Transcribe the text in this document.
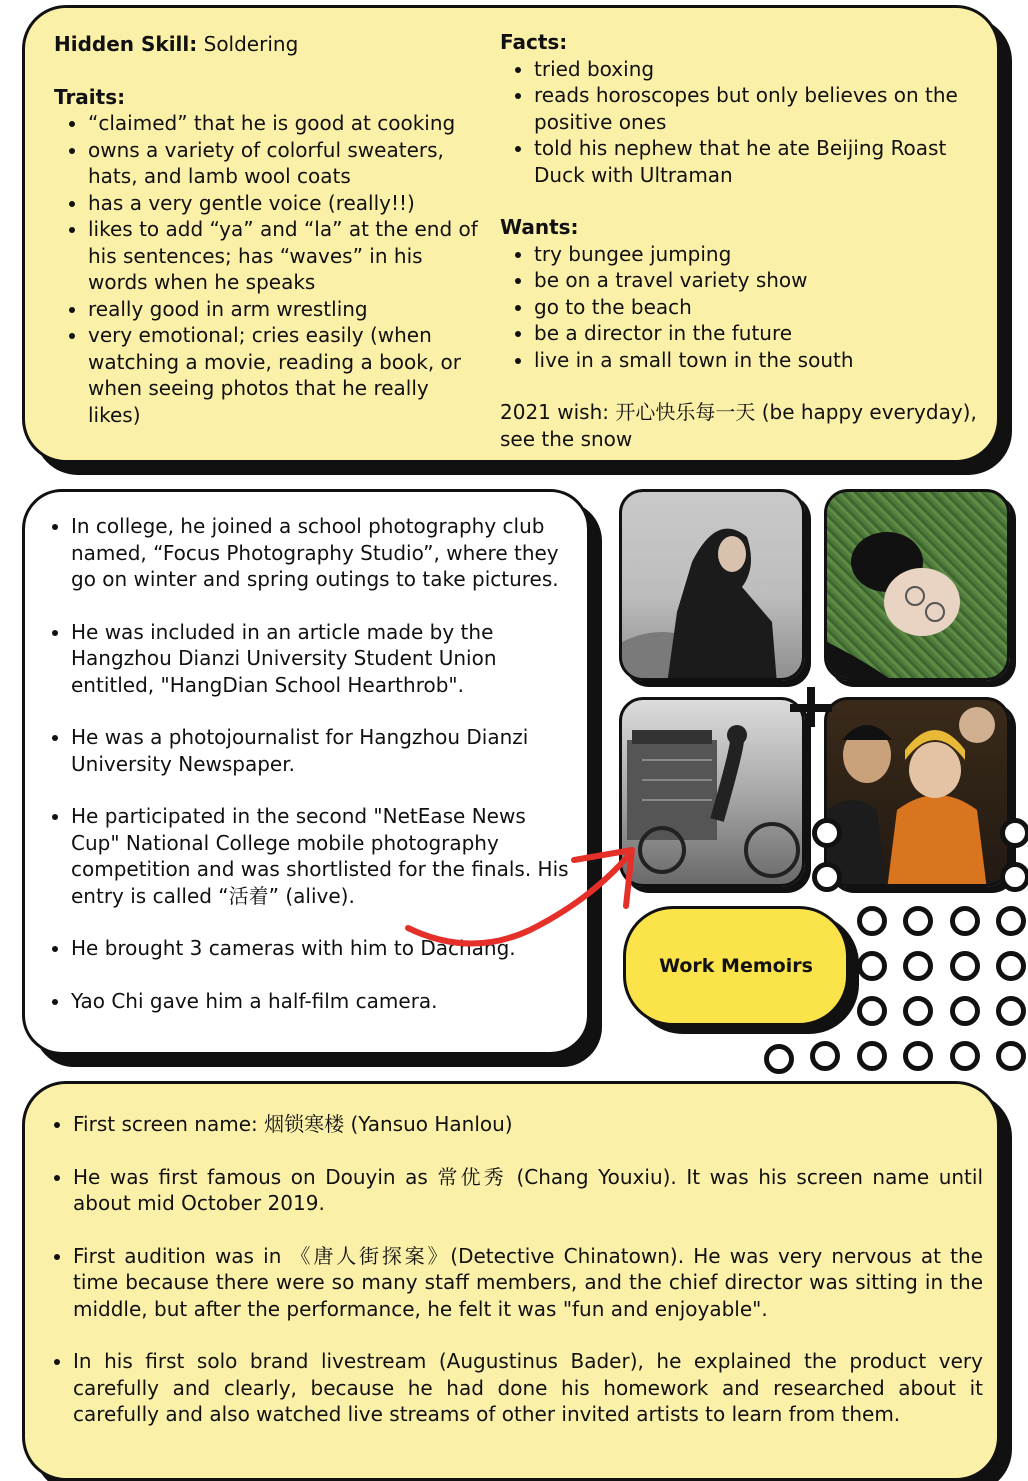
Hidden Skill: Soldering
Traits:
• “claimed” that he is good at cooking
• owns a variety of colorful sweaters, hats, and lamb wool coats
• has a very gentle voice (really!!)
• likes to add “ya” and “la” at the end of his sentences; has “waves” in his words when he speaks
• really good in arm wrestling
• very emotional; cries easily (when watching a movie, reading a book, or when seeing photos that he really likes)
Facts:
• tried boxing
• reads horoscopes but only believes on the positive ones
• told his nephew that he ate Beijing Roast Duck with Ultraman
Wants:
• try bungee jumping
• be on a travel variety show
• go to the beach
• be a director in the future
• live in a small town in the south
2021 wish: 开心快乐每一天 (be happy everyday), see the snow
• In college, he joined a school photography club named, “Focus Photography Studio”, where they go on winter and spring outings to take pictures.
• He was included in an article made by the Hangzhou Dianzi University Student Union entitled, "HangDian School Hearthrob".
• He was a photojournalist for Hangzhou Dianzi University Newspaper.
• He participated in the second "NetEase News Cup" National College mobile photography competition and was shortlisted for the finals. His entry is called “活着” (alive).
• He brought 3 cameras with him to Dachang.
• Yao Chi gave him a half-film camera.
Work Memoirs
• First screen name: 烟锁寒楼 (Yansuo Hanlou)
• He was first famous on Douyin as 常优秀 (Chang Youxiu). It was his screen name until about mid October 2019.
• First audition was in 《唐人街探案》(Detective Chinatown). He was very nervous at the time because there were so many staff members, and the chief director was sitting in the middle, but after the performance, he felt it was "fun and enjoyable".
• In his first solo brand livestream (Augustinus Bader), he explained the product very carefully and clearly, because he had done his homework and researched about it carefully and also watched live streams of other invited artists to learn from them.
